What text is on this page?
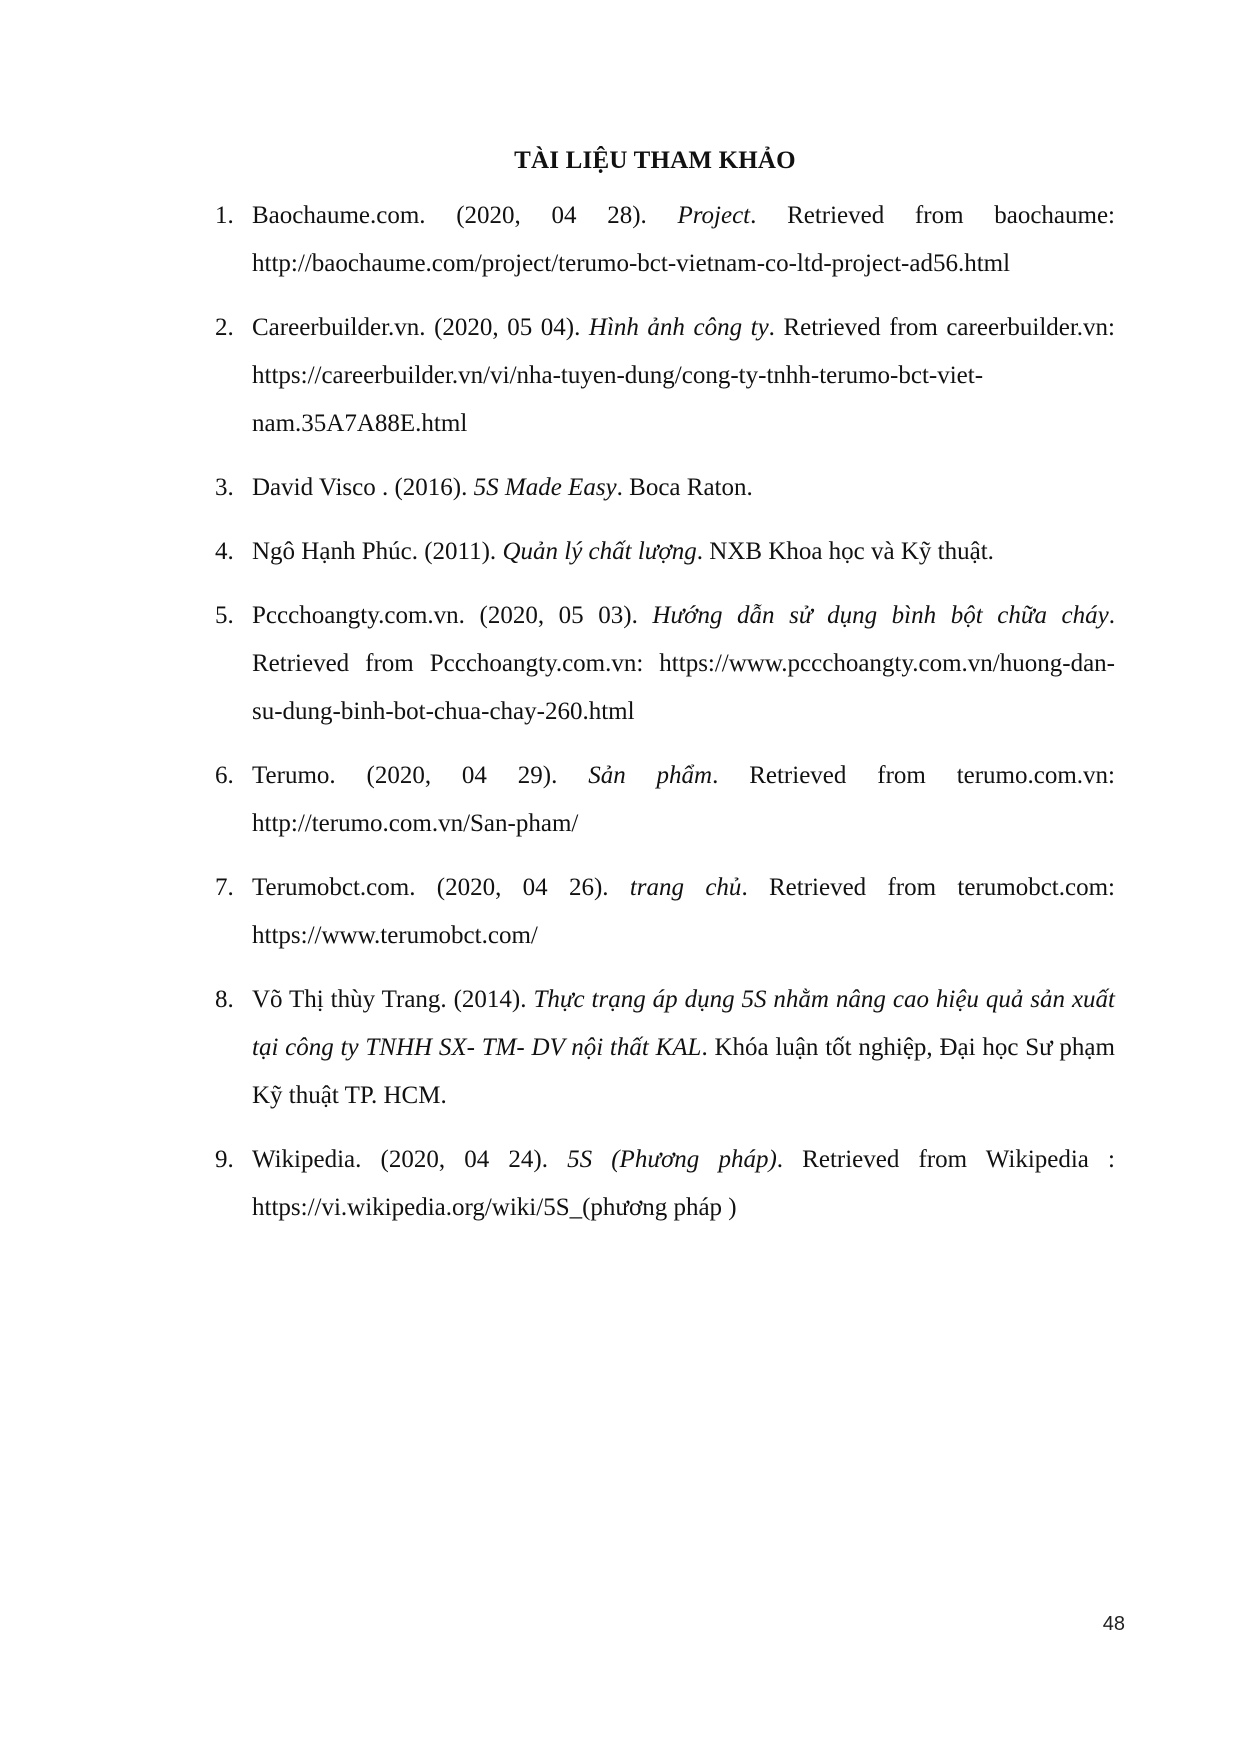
TÀI LIỆU THAM KHẢO
1. Baochaume.com. (2020, 04 28). Project. Retrieved from baochaume: http://baochaume.com/project/terumo-bct-vietnam-co-ltd-project-ad56.html
2. Careerbuilder.vn. (2020, 05 04). Hình ảnh công ty. Retrieved from careerbuilder.vn: https://careerbuilder.vn/vi/nha-tuyen-dung/cong-ty-tnhh-terumo-bct-viet-nam.35A7A88E.html
3. David Visco . (2016). 5S Made Easy. Boca Raton.
4. Ngô Hạnh Phúc. (2011). Quản lý chất lượng. NXB Khoa học và Kỹ thuật.
5. Pccchoangty.com.vn. (2020, 05 03). Hướng dẫn sử dụng bình bột chữa cháy. Retrieved from Pccchoangty.com.vn: https://www.pccchoangty.com.vn/huong-dan-su-dung-binh-bot-chua-chay-260.html
6. Terumo. (2020, 04 29). Sản phẩm. Retrieved from terumo.com.vn: http://terumo.com.vn/San-pham/
7. Terumobct.com. (2020, 04 26). trang chủ. Retrieved from terumobct.com: https://www.terumobct.com/
8. Võ Thị thùy Trang. (2014). Thực trạng áp dụng 5S nhằm nâng cao hiệu quả sản xuất tại công ty TNHH SX- TM- DV nội thất KAL. Khóa luận tốt nghiệp, Đại học Sư phạm Kỹ thuật TP. HCM.
9. Wikipedia. (2020, 04 24). 5S (Phương pháp). Retrieved from Wikipedia : https://vi.wikipedia.org/wiki/5S_(phương pháp )
48
